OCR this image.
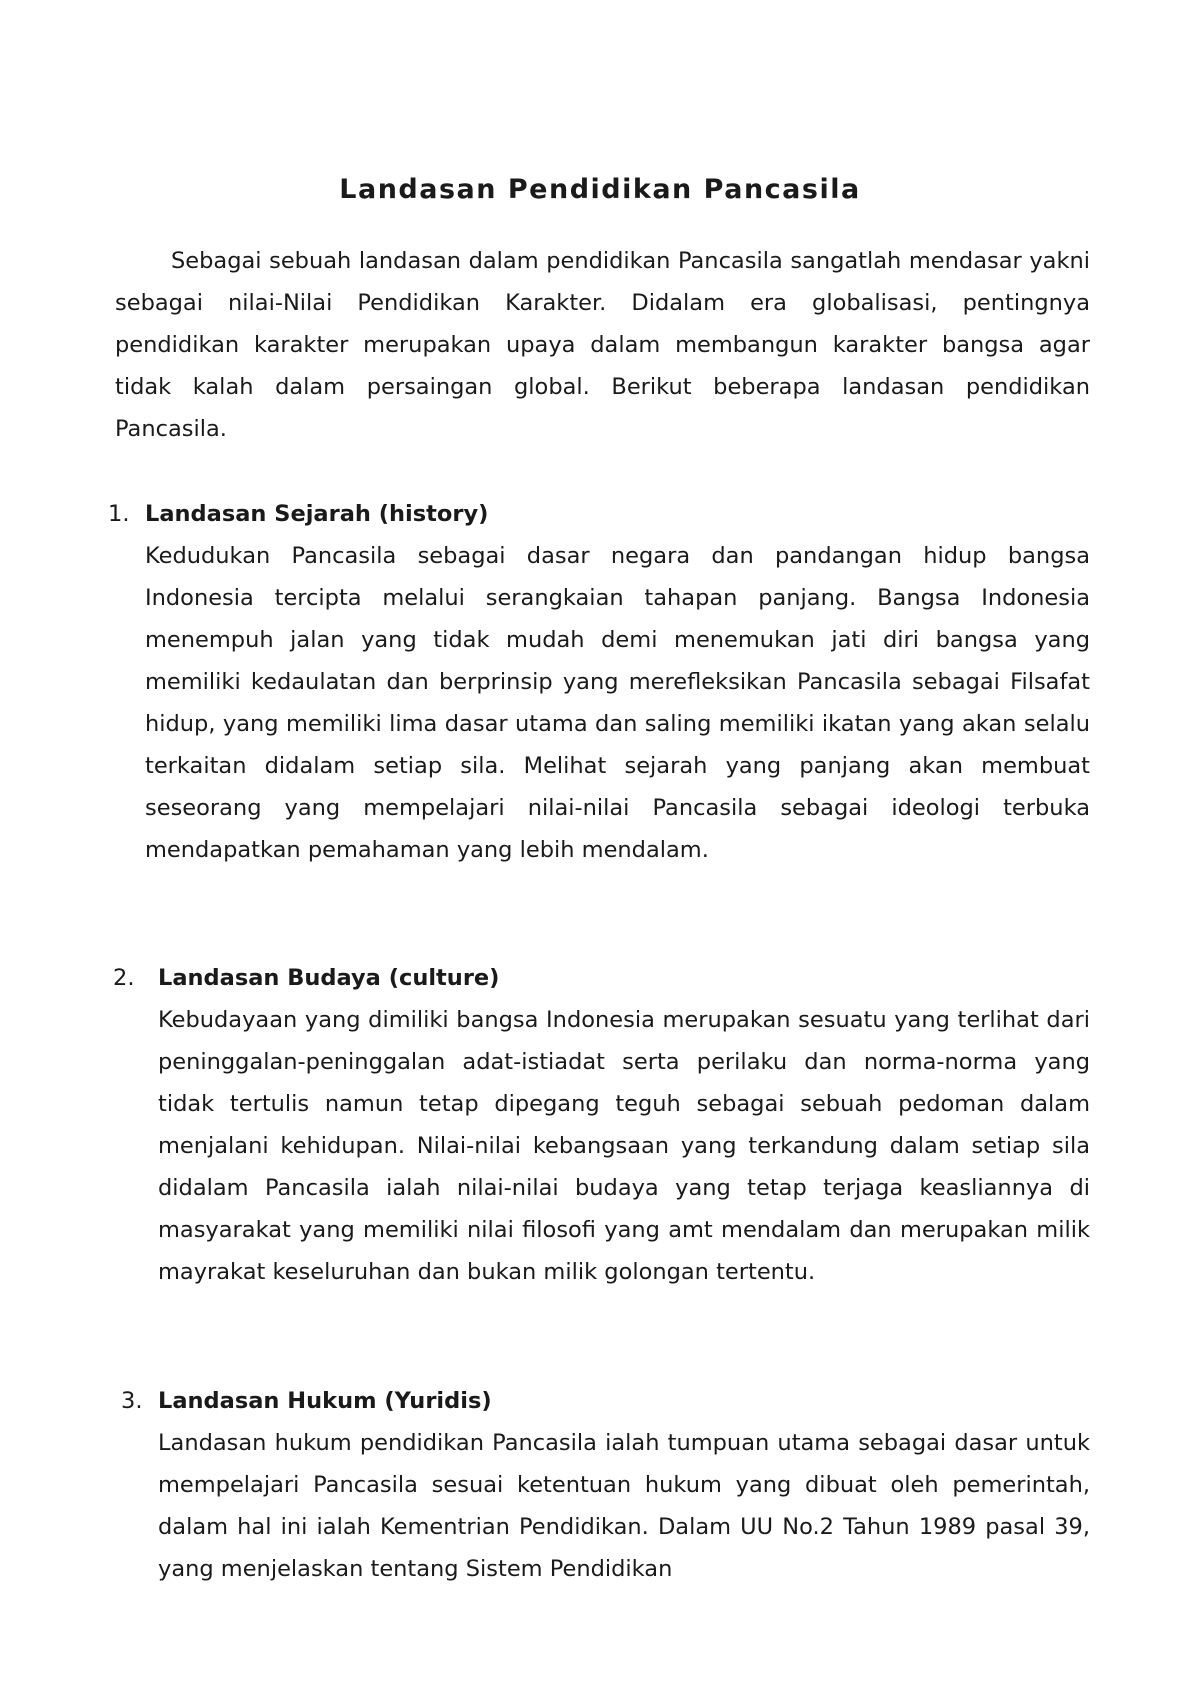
Landasan Pendidikan Pancasila

Sebagai sebuah landasan dalam pendidikan Pancasila sangatlah mendasar yakni sebagai nilai-Nilai Pendidikan Karakter. Didalam era globalisasi, pentingnya pendidikan karakter merupakan upaya dalam membangun karakter bangsa agar tidak kalah dalam persaingan global. Berikut beberapa landasan pendidikan Pancasila.

1. Landasan Sejarah (history)

Kedudukan Pancasila sebagai dasar negara dan pandangan hidup bangsa Indonesia tercipta melalui serangkaian tahapan panjang. Bangsa Indonesia menempuh jalan yang tidak mudah demi menemukan jati diri bangsa yang memiliki kedaulatan dan berprinsip yang merefleksikan Pancasila sebagai Filsafat hidup, yang memiliki lima dasar utama dan saling memiliki ikatan yang akan selalu terkaitan didalam setiap sila. Melihat sejarah yang panjang akan membuat seseorang yang mempelajari nilai-nilai Pancasila sebagai ideologi terbuka mendapatkan pemahaman yang lebih mendalam.

2. Landasan Budaya (culture)

Kebudayaan yang dimiliki bangsa Indonesia merupakan sesuatu yang terlihat dari peninggalan-peninggalan adat-istiadat serta perilaku dan norma-norma yang tidak tertulis namun tetap dipegang teguh sebagai sebuah pedoman dalam menjalani kehidupan. Nilai-nilai kebangsaan yang terkandung dalam setiap sila didalam Pancasila ialah nilai-nilai budaya yang tetap terjaga keasliannya di masyarakat yang memiliki nilai filosofi yang amt mendalam dan merupakan milik mayrakat keseluruhan dan bukan milik golongan tertentu.

3. Landasan Hukum (Yuridis)

Landasan hukum pendidikan Pancasila ialah tumpuan utama sebagai dasar untuk mempelajari Pancasila sesuai ketentuan hukum yang dibuat oleh pemerintah, dalam hal ini ialah Kementrian Pendidikan. Dalam UU No.2 Tahun 1989 pasal 39, yang menjelaskan tentang Sistem Pendidikan
